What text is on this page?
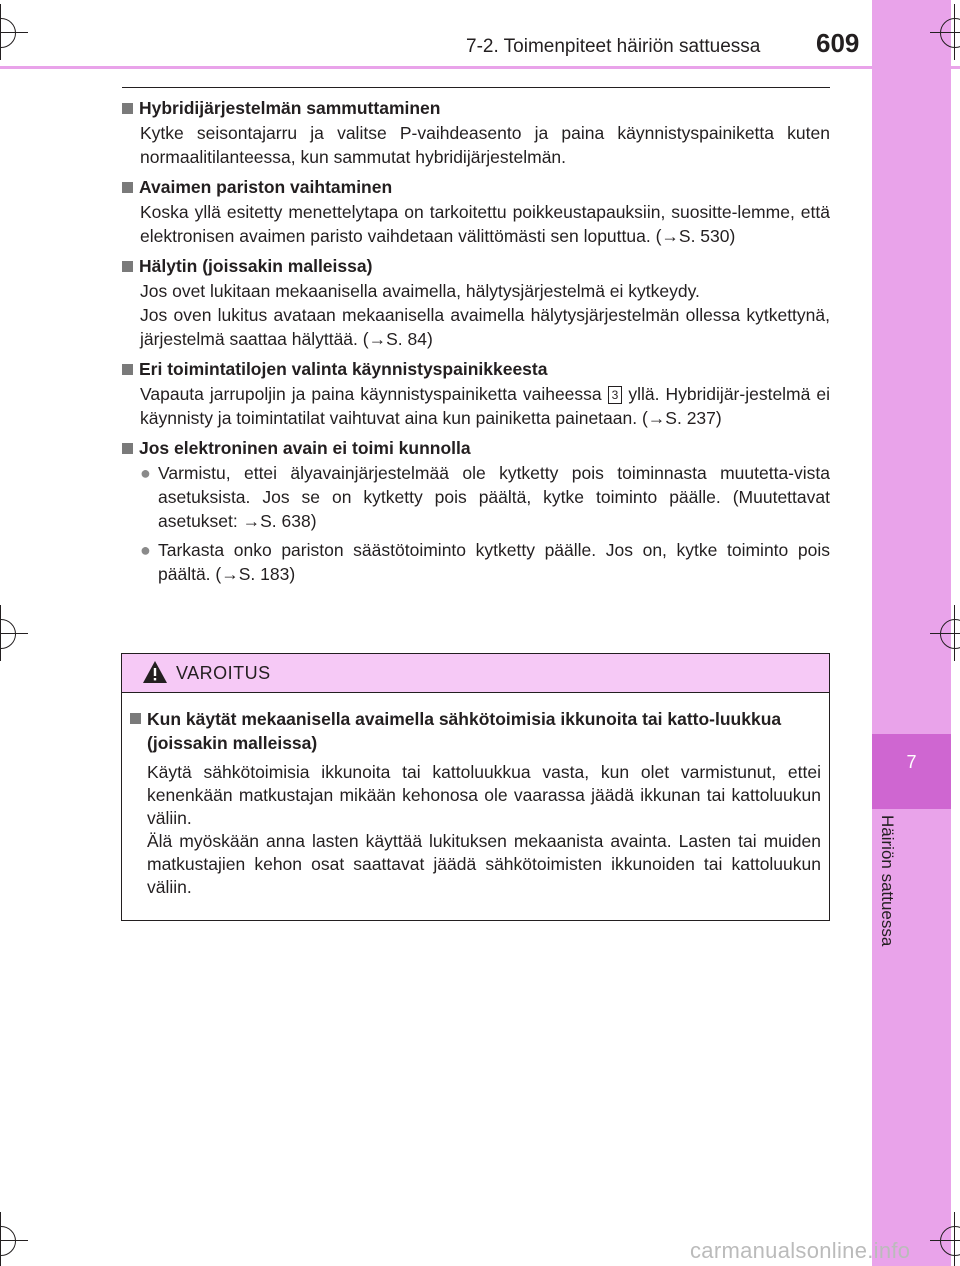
7-2. Toimenpiteet häiriön sattuessa 609
7
Häiriön sattuessa
Hybridijärjestelmän sammuttaminen

Kytke seisontajarru ja valitse P-vaihdeasento ja paina käynnistyspainiketta kuten normaalitilanteessa, kun sammutat hybridijärjestelmän.

Avaimen pariston vaihtaminen

Koska yllä esitetty menettelytapa on tarkoitettu poikkeustapauksiin, suositte-lemme, että elektronisen avaimen paristo vaihdetaan välittömästi sen loputtua. (→S. 530)

Hälytin (joissakin malleissa)

Jos ovet lukitaan mekaanisella avaimella, hälytysjärjestelmä ei kytkeydy.

Jos oven lukitus avataan mekaanisella avaimella hälytysjärjestelmän ollessa kytkettynä, järjestelmä saattaa hälyttää. (→S. 84)

Eri toimintatilojen valinta käynnistyspainikkeesta

Vapauta jarrupoljin ja paina käynnistyspainiketta vaiheessa 3 yllä. Hybridijär-jestelmä ei käynnisty ja toimintatilat vaihtuvat aina kun painiketta painetaan. (→S. 237)

Jos elektroninen avain ei toimi kunnolla
● Varmistu, ettei älyavainjärjestelmää ole kytketty pois toiminnasta muutetta-vista asetuksista. Jos se on kytketty pois päältä, kytke toiminto päälle. (Muutettavat asetukset: →S. 638)
● Tarkasta onko pariston säästötoiminto kytketty päälle. Jos on, kytke toiminto pois päältä. (→S. 183)
VAROITUS
Kun käytät mekaanisella avaimella sähkötoimisia ikkunoita tai katto-luukkua (joissakin malleissa)

Käytä sähkötoimisia ikkunoita tai kattoluukkua vasta, kun olet varmistunut, ettei kenenkään matkustajan mikään kehonosa ole vaarassa jäädä ikkunan tai kattoluukun väliin.

Älä myöskään anna lasten käyttää lukituksen mekaanista avainta. Lasten tai muiden matkustajien kehon osat saattavat jäädä sähkötoimisten ikkunoiden tai kattoluukun väliin.

carmanualsonline.info
